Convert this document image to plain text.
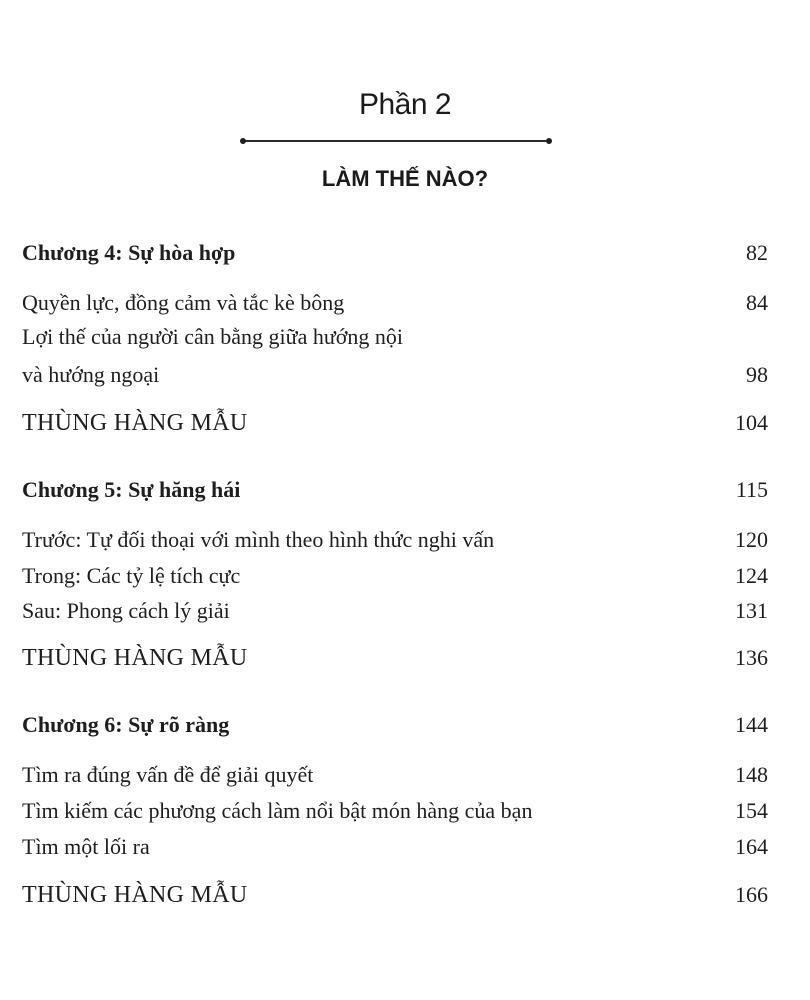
Phần 2
LÀM THẾ NÀO?
Chương 4: Sự hòa hợp	82
Quyền lực, đồng cảm và tắc kè bông	84
Lợi thế của người cân bằng giữa hướng nội
và hướng ngoại	98
THÙNG HÀNG MẪU	104
Chương 5: Sự hăng hái	115
Trước: Tự đối thoại với mình theo hình thức nghi vấn	120
Trong: Các tỷ lệ tích cực	124
Sau: Phong cách lý giải	131
THÙNG HÀNG MẪU	136
Chương 6: Sự rõ ràng	144
Tìm ra đúng vấn đề để giải quyết	148
Tìm kiếm các phương cách làm nổi bật món hàng của bạn	154
Tìm một lối ra	164
THÙNG HÀNG MẪU	166
